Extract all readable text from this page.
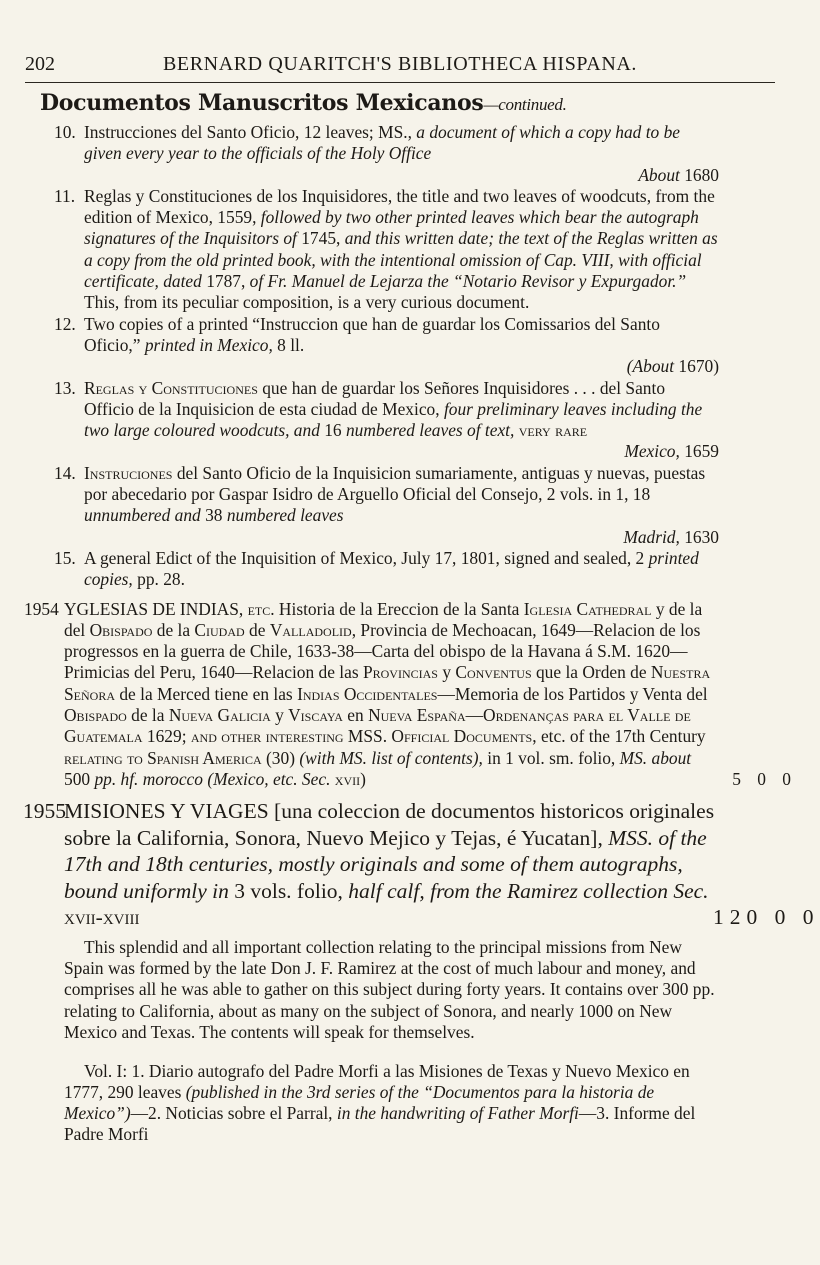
202	BERNARD QUARITCH'S BIBLIOTHECA HISPANA.
Documentos Manuscritos Mexicanos—continued.
10. Instrucciones del Santo Oficio, 12 leaves; MS., a document of which a copy had to be given every year to the officials of the Holy Office
About 1680

11. Reglas y Constituciones de los Inquisidores, the title and two leaves of woodcuts, from the edition of Mexico, 1559, followed by two other printed leaves which bear the autograph signatures of the Inquisitors of 1745, and this written date; the text of the Reglas written as a copy from the old printed book, with the intentional omission of Cap. VIII, with official certificate, dated 1787, of Fr. Manuel de Lejarza the “Notario Revisor y Expurgador.”

This, from its peculiar composition, is a very curious document.

12. Two copies of a printed “Instruccion que han de guardar los Comissarios del Santo Oficio,” printed in Mexico, 8 ll.
(About 1670)

13. Reglas y Constituciones que han de guardar los Señores Inquisidores . . . del Santo Officio de la Inquisicion de esta ciudad de Mexico, four preliminary leaves including the two large coloured woodcuts, and 16 numbered leaves of text, very rare
Mexico, 1659

14. Instruciones del Santo Oficio de la Inquisicion sumariamente, antiguas y nuevas, puestas por abecedario por Gaspar Isidro de Arguello Oficial del Consejo, 2 vols. in 1, 18 unnumbered and 38 numbered leaves
Madrid, 1630

15. A general Edict of the Inquisition of Mexico, July 17, 1801, signed and sealed, 2 printed copies, pp. 28.

1954 YGLESIAS DE INDIAS, etc. Historia de la Ereccion de la Santa Iglesia Cathedral y de la del Obispado de la Ciudad de Valladolid, Provincia de Mechoacan, 1649—Relacion de los progressos en la guerra de Chile, 1633-38—Carta del obispo de la Havana á S.M. 1620—Primicias del Peru, 1640—Relacion de las Provincias y Conventus que la Orden de Nuestra Señora de la Merced tiene en las Indias Occidentales—Memoria de los Partidos y Venta del Obispado de la Nueva Galicia y Viscaya en Nueva España—Ordenanças para el Valle de Guatemala 1629; and other interesting MSS. Official Documents, etc. of the 17th Century relating to Spanish America (30) (with MS. list of contents), in 1 vol. sm. folio, MS. about 500 pp. hf. morocco (Mexico, etc. Sec. xvii)	5 0 0
1955

MISIONES Y VIAGES [una coleccion de documentos historicos originales sobre la California, Sonora, Nuevo Mejico y Tejas, é Yucatan], MSS. of the 17th and 18th centuries, mostly originals and some of them autographs, bound uniformly in 3 vols. folio, half calf, from the Ramirez collection Sec. xvii-xviii	120 0 0

This splendid and all important collection relating to the principal missions from New Spain was formed by the late Don J. F. Ramirez at the cost of much labour and money, and comprises all he was able to gather on this subject during forty years. It contains over 300 pp. relating to California, about as many on the subject of Sonora, and nearly 1000 on New Mexico and Texas. The contents will speak for themselves.

Vol. I: 1. Diario autografo del Padre Morfi a las Misiones de Texas y Nuevo Mexico en 1777, 290 leaves (published in the 3rd series of the “Documentos para la historia de Mexico”)—2. Noticias sobre el Parral, in the handwriting of Father Morfi—3. Informe del Padre Morfi
